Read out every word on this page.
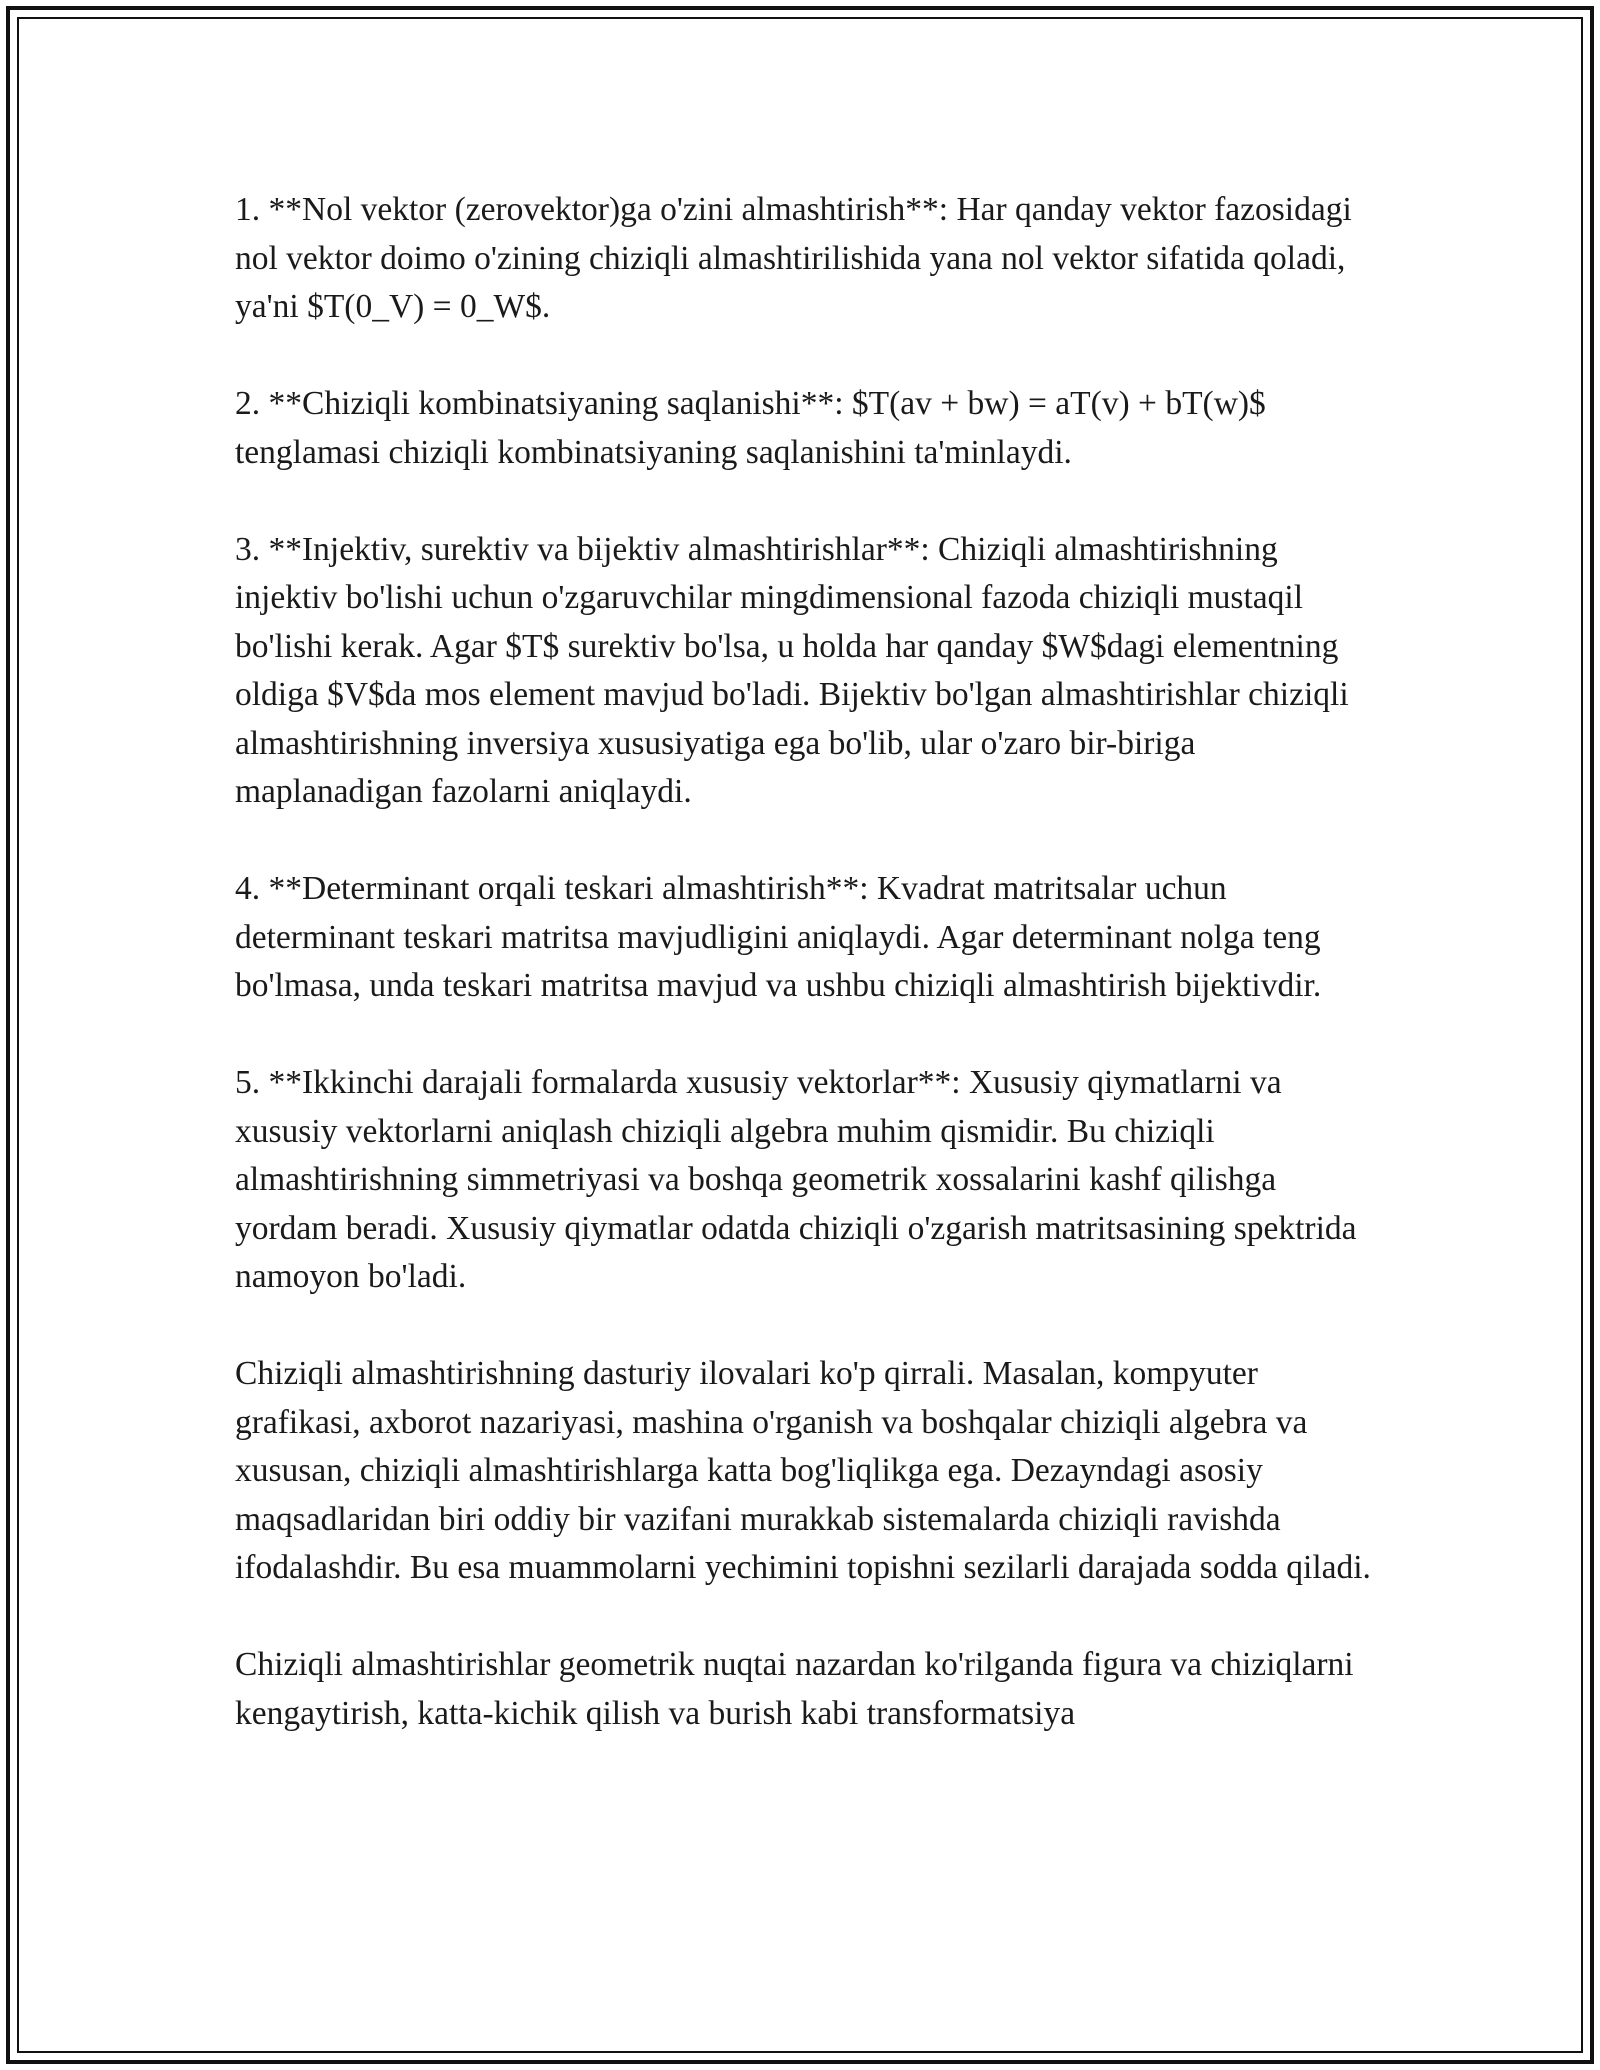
1. **Nol vektor (zerovektor)ga o'zini almashtirish**: Har qanday vektor fazosidagi nol vektor doimo o'zining chiziqli almashtirilishida yana nol vektor sifatida qoladi, ya'ni $T(0_V) = 0_W$.

2. **Chiziqli kombinatsiyaning saqlanishi**: $T(av + bw) = aT(v) + bT(w)$ tenglamasi chiziqli kombinatsiyaning saqlanishini ta'minlaydi.

3. **Injektiv, surektiv va bijektiv almashtirishlar**: Chiziqli almashtirishning injektiv bo'lishi uchun o'zgaruvchilar mingdimensional fazoda chiziqli mustaqil bo'lishi kerak. Agar $T$ surektiv bo'lsa, u holda har qanday $W$dagi elementning oldiga $V$da mos element mavjud bo'ladi. Bijektiv bo'lgan almashtirishlar chiziqli almashtirishning inversiya xususiyatiga ega bo'lib, ular o'zaro bir-biriga maplanadigan fazolarni aniqlaydi.

4. **Determinant orqali teskari almashtirish**: Kvadrat matritsalar uchun determinant teskari matritsa mavjudligini aniqlaydi. Agar determinant nolga teng bo'lmasa, unda teskari matritsa mavjud va ushbu chiziqli almashtirish bijektivdir.

5. **Ikkinchi darajali formalarda xususiy vektorlar**: Xususiy qiymatlarni va xususiy vektorlarni aniqlash chiziqli algebra muhim qismidir. Bu chiziqli almashtirishning simmetriyasi va boshqa geometrik xossalarini kashf qilishga yordam beradi. Xususiy qiymatlar odatda chiziqli o'zgarish matritsasining spektrida namoyon bo'ladi.

Chiziqli almashtirishning dasturiy ilovalari ko'p qirrali. Masalan, kompyuter grafikasi, axborot nazariyasi, mashina o'rganish va boshqalar chiziqli algebra va xususan, chiziqli almashtirishlarga katta bog'liqlikga ega. Dezayndagi asosiy maqsadlaridan biri oddiy bir vazifani murakkab sistemalarda chiziqli ravishda ifodalashdir. Bu esa muammolarni yechimini topishni sezilarli darajada sodda qiladi.

Chiziqli almashtirishlar geometrik nuqtai nazardan ko'rilganda figura va chiziqlarni kengaytirish, katta-kichik qilish va burish kabi transformatsiya
